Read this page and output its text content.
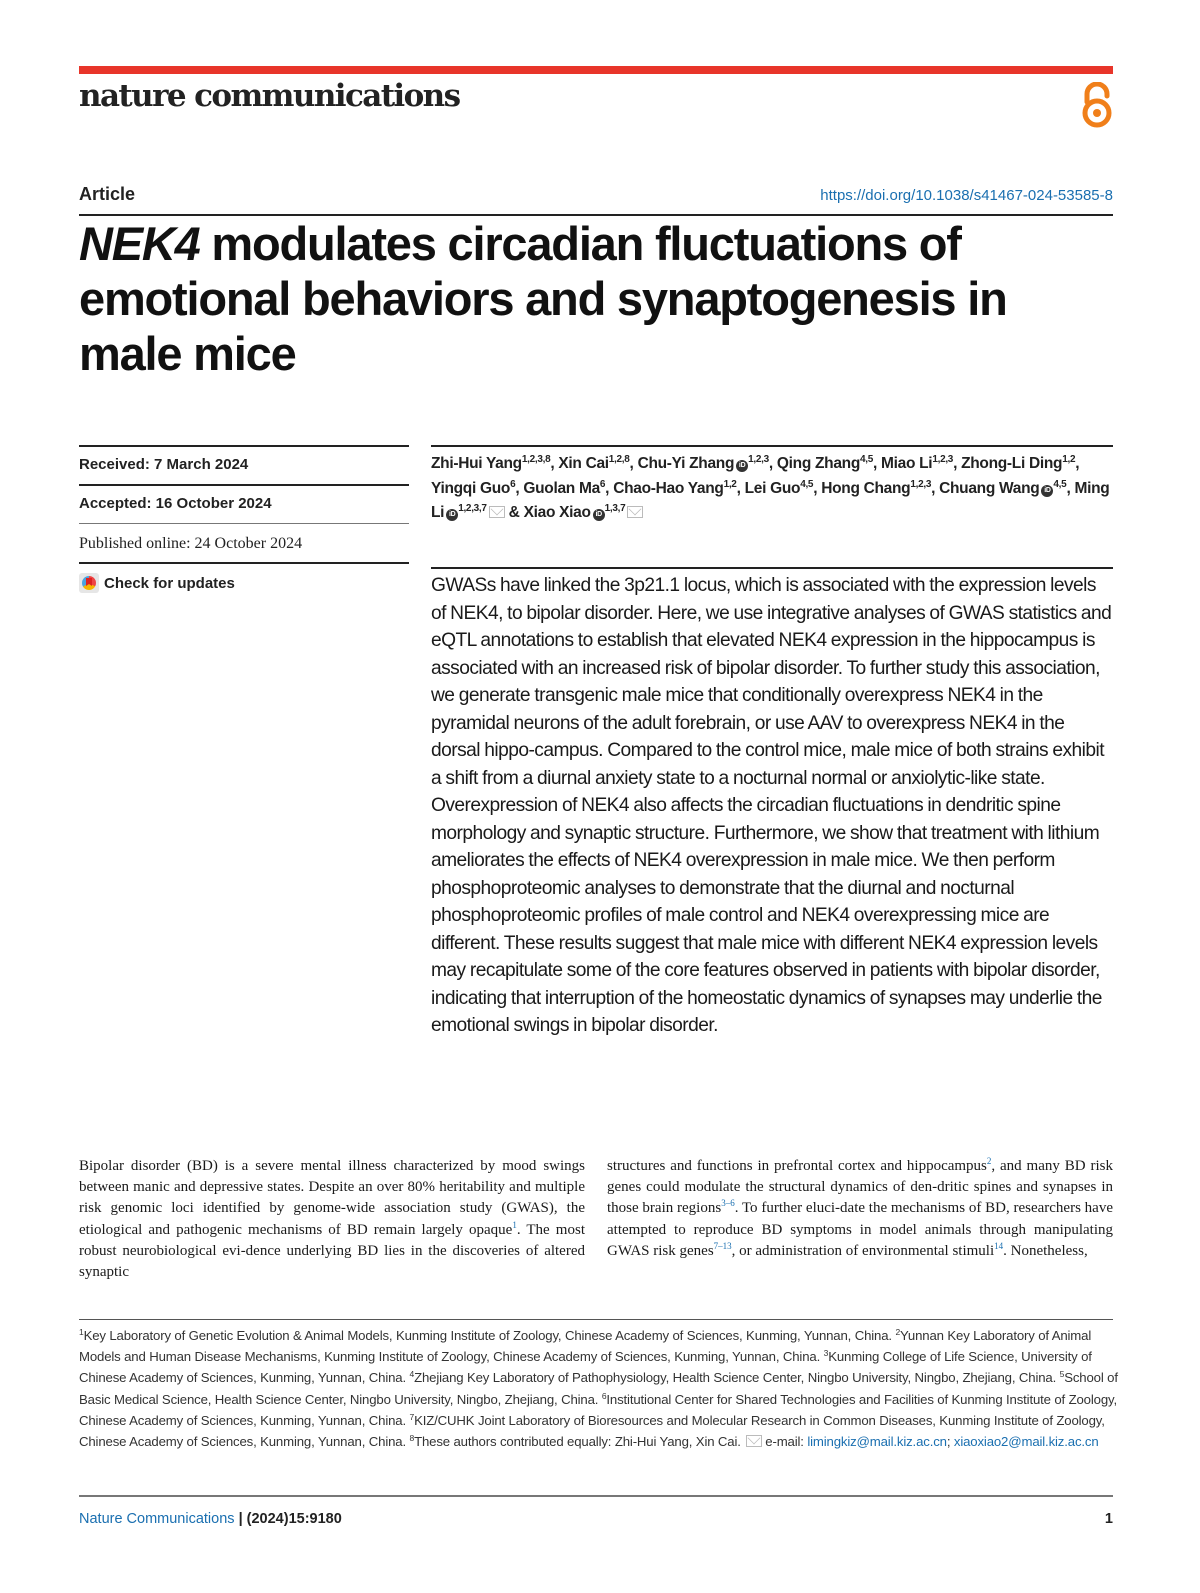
nature communications
Article	https://doi.org/10.1038/s41467-024-53585-8
NEK4 modulates circadian fluctuations of emotional behaviors and synaptogenesis in male mice
Received: 7 March 2024
Accepted: 16 October 2024
Published online: 24 October 2024
Check for updates
Zhi-Hui Yang$^{1,2,3,8}$, Xin Cai$^{1,2,8}$, Chu-Yi Zhang iD$^{1,2,3}$, Qing Zhang$^{4,5}$, Miao Li$^{1,2,3}$, Zhong-Li Ding$^{1,2}$, Yingqi Guo$^6$, Guolan Ma$^6$, Chao-Hao Yang$^{1,2}$, Lei Guo$^{4,5}$, Hong Chang$^{1,2,3}$, Chuang Wang iD$^{4,5}$, Ming Li iD$^{1,2,3,7}$ & Xiao Xiao iD$^{1,3,7}$

GWASs have linked the 3p21.1 locus, which is associated with the expression levels of NEK4, to bipolar disorder. Here, we use integrative analyses of GWAS statistics and eQTL annotations to establish that elevated NEK4 expression in the hippocampus is associated with an increased risk of bipolar disorder. To further study this association, we generate transgenic male mice that conditionally overexpress NEK4 in the pyramidal neurons of the adult forebrain, or use AAV to overexpress NEK4 in the dorsal hippo-campus. Compared to the control mice, male mice of both strains exhibit a shift from a diurnal anxiety state to a nocturnal normal or anxiolytic-like state. Overexpression of NEK4 also affects the circadian fluctuations in dendritic spine morphology and synaptic structure. Furthermore, we show that treatment with lithium ameliorates the effects of NEK4 overexpression in male mice. We then perform phosphoproteomic analyses to demonstrate that the diurnal and nocturnal phosphoproteomic profiles of male control and NEK4 overexpressing mice are different. These results suggest that male mice with different NEK4 expression levels may recapitulate some of the core features observed in patients with bipolar disorder, indicating that interruption of the homeostatic dynamics of synapses may underlie the emotional swings in bipolar disorder.

Bipolar disorder (BD) is a severe mental illness characterized by mood swings between manic and depressive states. Despite an over 80% heritability and multiple risk genomic loci identified by genome-wide association study (GWAS), the etiological and pathogenic mechanisms of BD remain largely opaque$^1$. The most robust neurobiological evi-dence underlying BD lies in the discoveries of altered synaptic

structures and functions in prefrontal cortex and hippocampus$^2$, and many BD risk genes could modulate the structural dynamics of den-dritic spines and synapses in those brain regions$^{3-6}$. To further eluci-date the mechanisms of BD, researchers have attempted to reproduce BD symptoms in model animals through manipulating GWAS risk genes$^{7-13}$, or administration of environmental stimuli$^{14}$. Nonetheless,

$^1$Key Laboratory of Genetic Evolution & Animal Models, Kunming Institute of Zoology, Chinese Academy of Sciences, Kunming, Yunnan, China. $^2$Yunnan Key Laboratory of Animal Models and Human Disease Mechanisms, Kunming Institute of Zoology, Chinese Academy of Sciences, Kunming, Yunnan, China. $^3$Kunming College of Life Science, University of Chinese Academy of Sciences, Kunming, Yunnan, China. $^4$Zhejiang Key Laboratory of Pathophysiology, Health Science Center, Ningbo University, Ningbo, Zhejiang, China. $^5$School of Basic Medical Science, Health Science Center, Ningbo University, Ningbo, Zhejiang, China. $^6$Institutional Center for Shared Technologies and Facilities of Kunming Institute of Zoology, Chinese Academy of Sciences, Kunming, Yunnan, China. $^7$KIZ/CUHK Joint Laboratory of Bioresources and Molecular Research in Common Diseases, Kunming Institute of Zoology, Chinese Academy of Sciences, Kunming, Yunnan, China. $^8$These authors contributed equally: Zhi-Hui Yang, Xin Cai. e-mail: limingkiz@mail.kiz.ac.cn; xiaoxiao2@mail.kiz.ac.cn
Nature Communications | (2024)15:9180	1
